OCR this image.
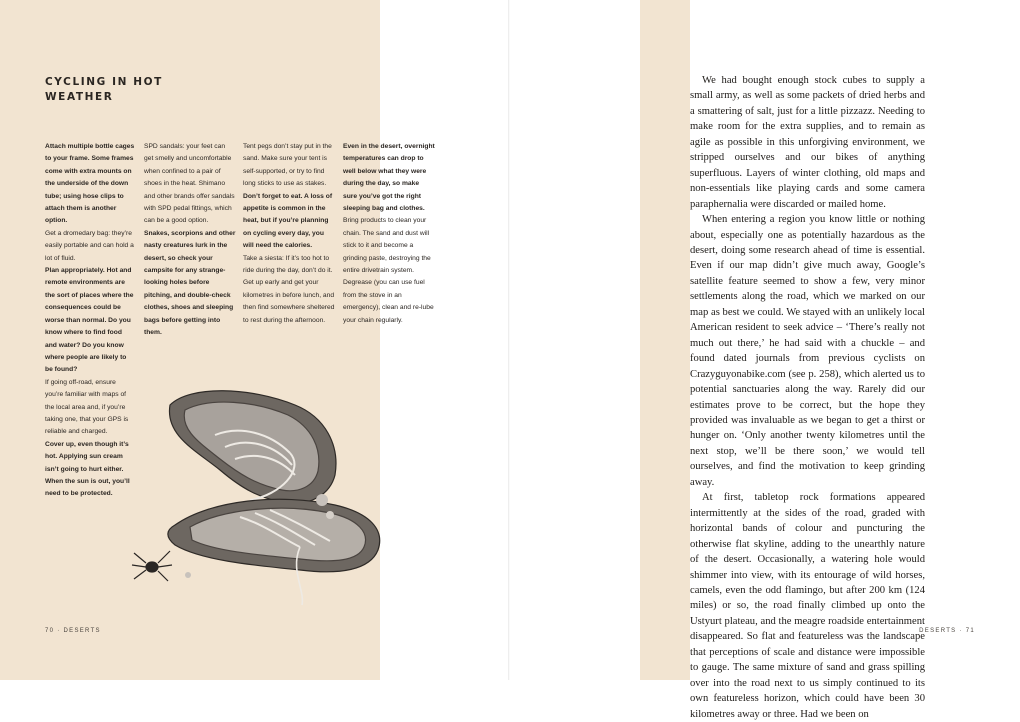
CYCLING IN HOT WEATHER

Attach multiple bottle cages to your frame. Some frames come with extra mounts on the underside of the down tube; using hose clips to attach them is another option.

Get a dromedary bag: they’re easily portable and can hold a lot of fluid.

Plan appropriately. Hot and remote environments are the sort of places where the consequences could be worse than normal. Do you know where to find food and water? Do you know where people are likely to be found?

If going off-road, ensure you’re familiar with maps of the local area and, if you’re taking one, that your GPS is reliable and charged.

Cover up, even though it’s hot. Applying sun cream isn’t going to hurt either. When the sun is out, you’ll need to be protected.

SPD sandals: your feet can get smelly and uncomfortable when confined to a pair of shoes in the heat. Shimano and other brands offer sandals with SPD pedal fittings, which can be a good option.

Snakes, scorpions and other nasty creatures lurk in the desert, so check your campsite for any strange-looking holes before pitching, and double-check clothes, shoes and sleeping bags before getting into them.

Tent pegs don’t stay put in the sand. Make sure your tent is self-supported, or try to find long sticks to use as stakes.

Don’t forget to eat. A loss of appetite is common in the heat, but if you’re planning on cycling every day, you will need the calories.

Take a siesta: If it’s too hot to ride during the day, don’t do it. Get up early and get your kilometres in before lunch, and then find somewhere sheltered to rest during the afternoon.

Even in the desert, overnight temperatures can drop to well below what they were during the day, so make sure you’ve got the right sleeping bag and clothes.

Bring products to clean your chain. The sand and dust will stick to it and become a grinding paste, destroying the entire drivetrain system. Degrease (you can use fuel from the stove in an emergency), clean and re-lube your chain regularly.

70 · DESERTS

We had bought enough stock cubes to supply a small army, as well as some packets of dried herbs and a smattering of salt, just for a little pizzazz. Needing to make room for the extra supplies, and to remain as agile as possible in this unforgiving environment, we stripped ourselves and our bikes of anything superfluous. Layers of winter clothing, old maps and non-essentials like playing cards and some camera paraphernalia were discarded or mailed home.

When entering a region you know little or nothing about, especially one as potentially hazardous as the desert, doing some research ahead of time is essential. Even if our map didn’t give much away, Google’s satellite feature seemed to show a few, very minor settlements along the road, which we marked on our map as best we could. We stayed with an unlikely local American resident to seek advice – ‘There’s really not much out there,’ he had said with a chuckle – and found dated journals from previous cyclists on Crazyguyonabike.com (see p. 258), which alerted us to potential sanctuaries along the way. Rarely did our estimates prove to be correct, but the hope they provided was invaluable as we began to get a thirst or hunger on. ‘Only another twenty kilometres until the next stop, we’ll be there soon,’ we would tell ourselves, and find the motivation to keep grinding away.

At first, tabletop rock formations appeared intermittently at the sides of the road, graded with horizontal bands of colour and puncturing the otherwise flat skyline, adding to the unearthly nature of the desert. Occasionally, a watering hole would shimmer into view, with its entourage of wild horses, camels, even the odd flamingo, but after 200 km (124 miles) or so, the road finally climbed up onto the Ustyurt plateau, and the meagre roadside entertainment disappeared. So flat and featureless was the landscape that perceptions of scale and distance were impossible to gauge. The same mixture of sand and grass spilling over into the road next to us simply continued to its own featureless horizon, which could have been 30 kilometres away or three. Had we been on

DESERTS · 71
